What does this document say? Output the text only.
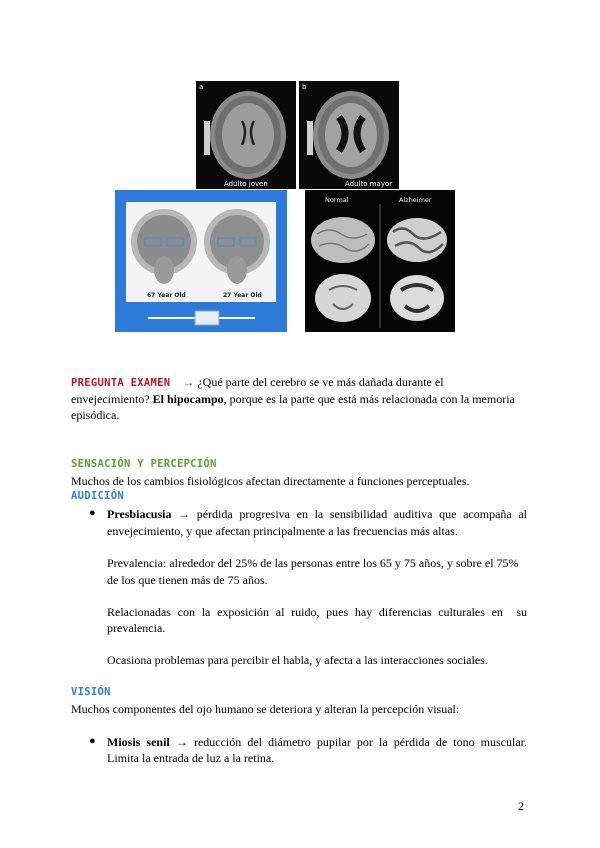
a
Adulto joven
b
Adulto mayor
67 Year Old	27 Year Old
Normal	Alzheimer
PREGUNTA EXAMEN → ¿Qué parte del cerebro se ve más dañada durante el
envejecimiento? El hipocampo, porque es la parte que está más relacionada con la memoria
episódica.
SENSACIÓN Y PERCEPCIÓN
Muchos de los cambios fisiológicos afectan directamente a funciones perceptuales.
AUDICIÓN
● Presbiacusia → pérdida progresiva en la sensibilidad auditiva que acompaña al
envejecimiento, y que afectan principalmente a las frecuencias más altas.
Prevalencia: alrededor del 25% de las personas entre los 65 y 75 años, y sobre el 75%
de los que tienen más de 75 años.
Relacionadas con la exposición al ruido, pues hay diferencias culturales en  su
prevalencia.
Ocasiona problemas para percibir el habla, y afecta a las interacciones sociales.
VISIÓN
Muchos componentes del ojo humano se deteriora y alteran la percepción visual:
● Miosis senil → reducción del diámetro pupilar por la pérdida de tono muscular.
Limita la entrada de luz a la retina.
2
